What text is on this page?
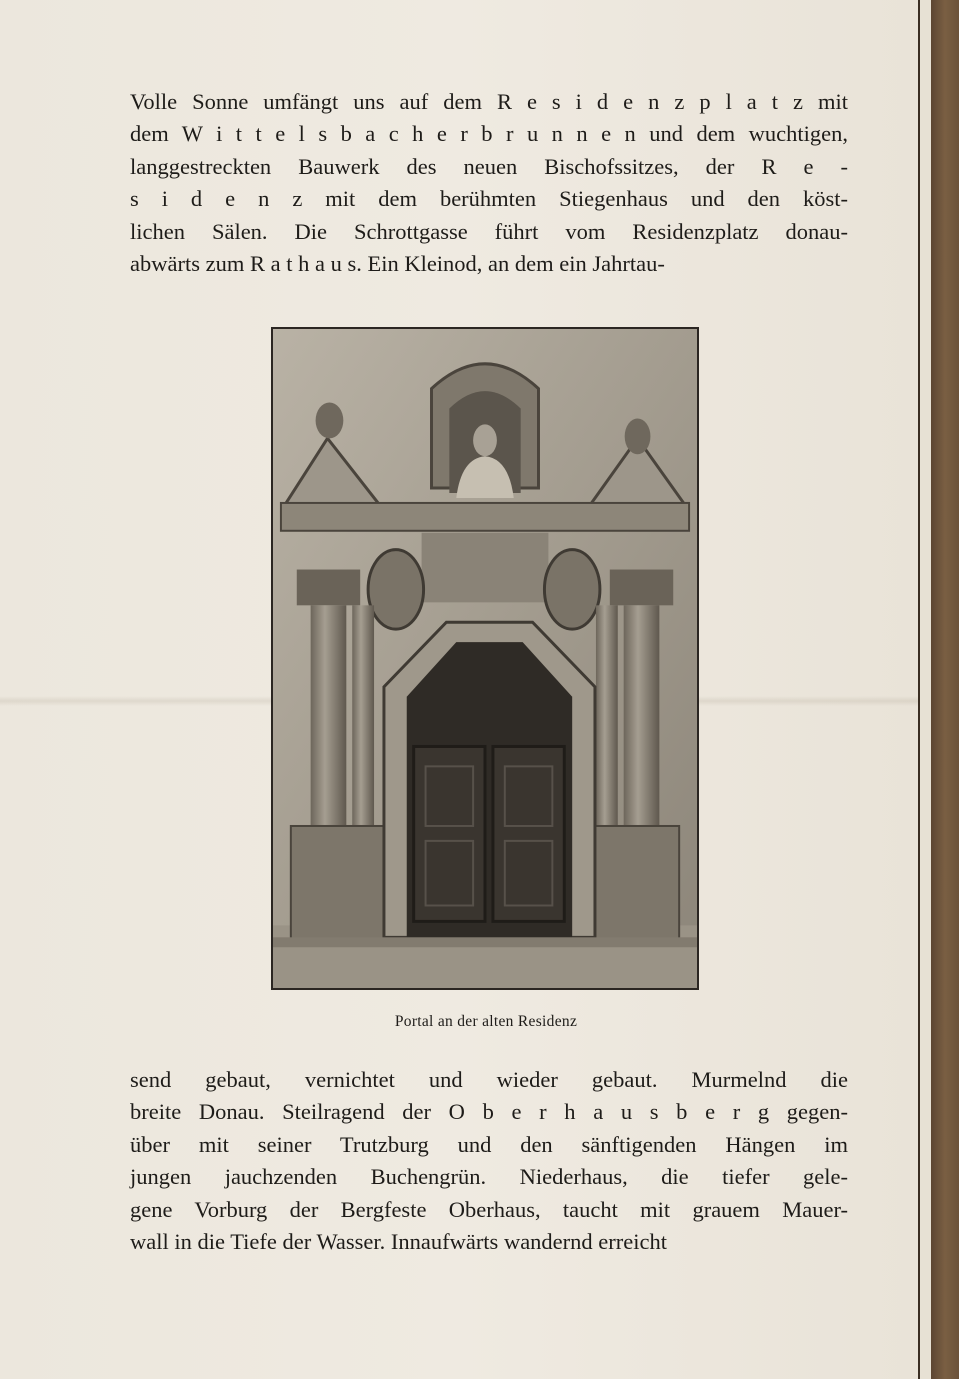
Volle Sonne umfängt uns auf dem R e s i d e n z p l a t z mit
dem W i t t e l s b a c h e r b r u n n e n und dem wuchtigen,
langgestreckten Bauwerk des neuen Bischofssitzes, der R e -
s i d e n z mit dem berühmten Stiegenhaus und den köst-
lichen Sälen. Die Schrottgasse führt vom Residenzplatz donau-
abwärts zum R a t h a u s. Ein Kleinod, an dem ein Jahrtau-

Portal an der alten Residenz

send gebaut, vernichtet und wieder gebaut. Murmelnd die
breite Donau. Steilragend der O b e r h a u s b e r g gegen-
über mit seiner Trutzburg und den sänftigenden Hängen im
jungen jauchzenden Buchengrün. Niederhaus, die tiefer gele-
gene Vorburg der Bergfeste Oberhaus, taucht mit grauem Mauer-
wall in die Tiefe der Wasser. Innaufwärts wandernd erreicht
